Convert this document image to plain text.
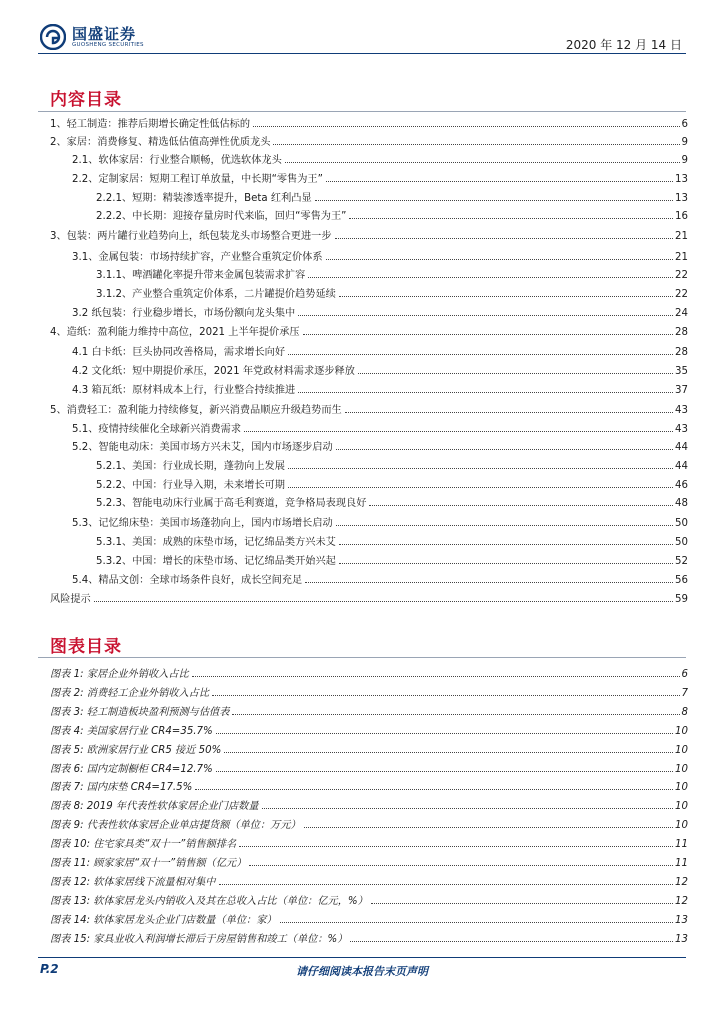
国盛证券
GUOSHENG SECURITIES	2020 年 12 月 14 日
内容目录
1、轻工制造：推荐后期增长确定性低估标的	6
2、家居：消费修复、精选低估值高弹性优质龙头	9
2.1、软体家居：行业整合顺畅，优选软体龙头	9
2.2、定制家居：短期工程订单放量，中长期“零售为王”	13
2.2.1、短期：精装渗透率提升，Beta 红利凸显	13
2.2.2、中长期：迎接存量房时代来临，回归“零售为王”	16
3、包装：两片罐行业趋势向上，纸包装龙头市场整合更进一步	21
3.1、金属包装：市场持续扩容，产业整合重筑定价体系	21
3.1.1、啤酒罐化率提升带来金属包装需求扩容	22
3.1.2、产业整合重筑定价体系，二片罐提价趋势延续	22
3.2 纸包装：行业稳步增长，市场份额向龙头集中	24
4、造纸：盈利能力维持中高位，2021 上半年提价承压	28
4.1 白卡纸：巨头协同改善格局，需求增长向好	28
4.2 文化纸：短中期提价承压，2021 年党政材料需求逐步释放	35
4.3 箱瓦纸：原材料成本上行，行业整合持续推进	37
5、消费轻工：盈利能力持续修复，新兴消费品顺应升级趋势而生	43
5.1、疫情持续催化全球新兴消费需求	43
5.2、智能电动床：美国市场方兴未艾，国内市场逐步启动	44
5.2.1、美国：行业成长期，蓬勃向上发展	44
5.2.2、中国：行业导入期，未来增长可期	46
5.2.3、智能电动床行业属于高毛利赛道，竞争格局表现良好	48
5.3、记忆绵床垫：美国市场蓬勃向上，国内市场增长启动	50
5.3.1、美国：成熟的床垫市场，记忆绵品类方兴未艾	50
5.3.2、中国：增长的床垫市场、记忆绵品类开始兴起	52
5.4、精品文创：全球市场条件良好，成长空间充足	56
风险提示	59
图表目录
图表 1: 家居企业外销收入占比	6
图表 2: 消费轻工企业外销收入占比	7
图表 3: 轻工制造板块盈利预测与估值表	8
图表 4: 美国家居行业 CR4=35.7%	10
图表 5: 欧洲家居行业 CR5 接近 50%	10
图表 6: 国内定制橱柜 CR4=12.7%	10
图表 7: 国内床垫 CR4=17.5%	10
图表 8: 2019 年代表性软体家居企业门店数量	10
图表 9: 代表性软体家居企业单店提货额（单位：万元）	10
图表 10: 住宅家具类“双十一”销售额排名	11
图表 11: 顾家家居“双十一”销售额（亿元）	11
图表 12: 软体家居线下流量相对集中	12
图表 13: 软体家居龙头内销收入及其在总收入占比（单位：亿元，%）	12
图表 14: 软体家居龙头企业门店数量（单位：家）	13
图表 15: 家具业收入利润增长滞后于房屋销售和竣工（单位：%）	13
P.2	请仔细阅读本报告末页声明
